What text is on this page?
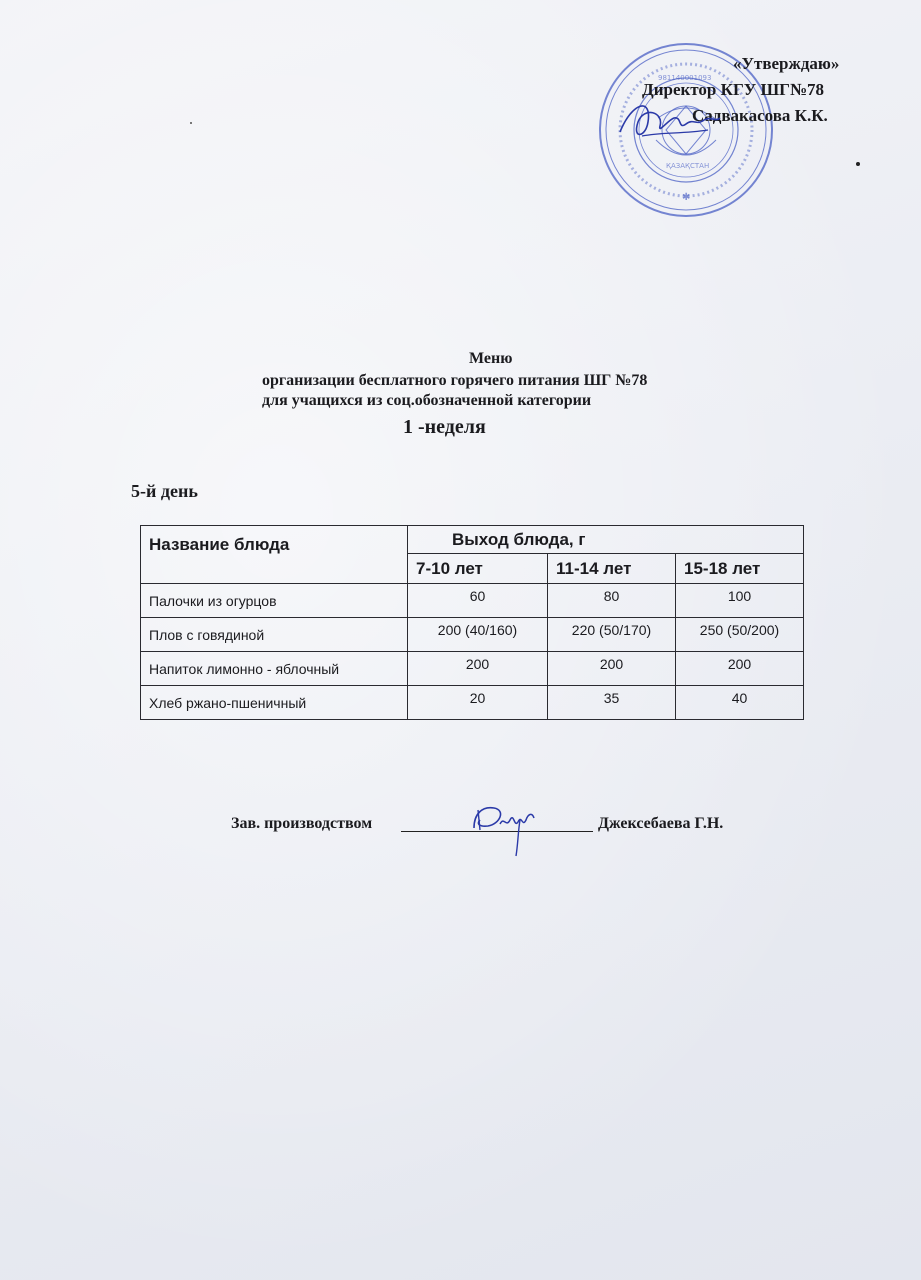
ҚАЗАҚСТАН
981140001093
✱
«Утверждаю»
Директор КГУ ШГ№78
Садвакасова К.К.
Меню
организации бесплатного горячего питания ШГ №78
для учащихся из соц.обозначенной категории
1 -неделя
5-й день
Название блюда	Выход блюда, г		
	7-10 лет	11-14 лет	15-18 лет
Палочки из огурцов	60	80	100
Плов с говядиной	200 (40/160)	220 (50/170)	250 (50/200)
Напиток лимонно - яблочный	200	200	200
Хлеб ржано-пшеничный	20	35	40
Зав. производством	Джексебаева Г.Н.
